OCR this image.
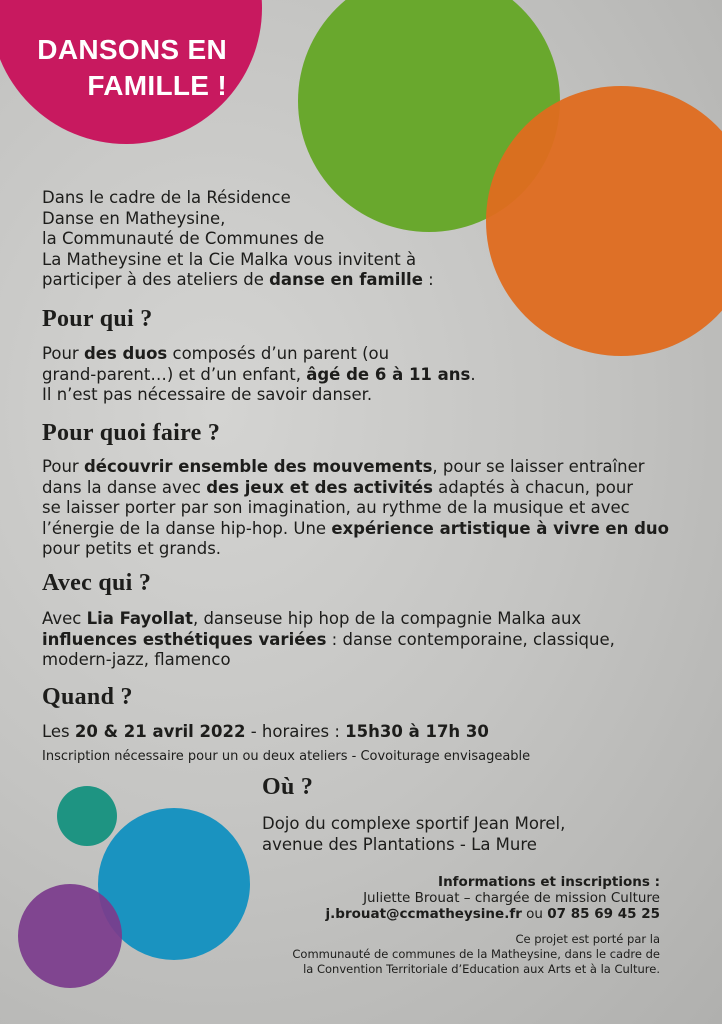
DANSONS EN
FAMILLE !
Dans le cadre de la Résidence
Danse en Matheysine,
la Communauté de Communes de
La Matheysine et la Cie Malka vous invitent à
participer à des ateliers de danse en famille :
Pour qui ?
Pour des duos composés d’un parent (ou
grand-parent…) et d’un enfant, âgé de 6 à 11 ans.
Il n’est pas nécessaire de savoir danser.
Pour quoi faire ?
Pour découvrir ensemble des mouvements, pour se laisser entraîner
dans la danse avec des jeux et des activités adaptés à chacun, pour
se laisser porter par son imagination, au rythme de la musique et avec
l’énergie de la danse hip-hop. Une expérience artistique à vivre en duo
pour petits et grands.
Avec qui ?
Avec Lia Fayollat, danseuse hip hop de la compagnie Malka aux
influences esthétiques variées : danse contemporaine, classique,
modern-jazz, flamenco
Quand ?
Les 20 & 21 avril 2022 - horaires : 15h30 à 17h 30
Inscription nécessaire pour un ou deux ateliers - Covoiturage envisageable
Où ?
Dojo du complexe sportif Jean Morel,
avenue des Plantations - La Mure
Informations et inscriptions :
Juliette Brouat – chargée de mission Culture
j.brouat@ccmatheysine.fr ou 07 85 69 45 25
Ce projet est porté par la
Communauté de communes de la Matheysine, dans le cadre de
la Convention Territoriale d’Education aux Arts et à la Culture.
